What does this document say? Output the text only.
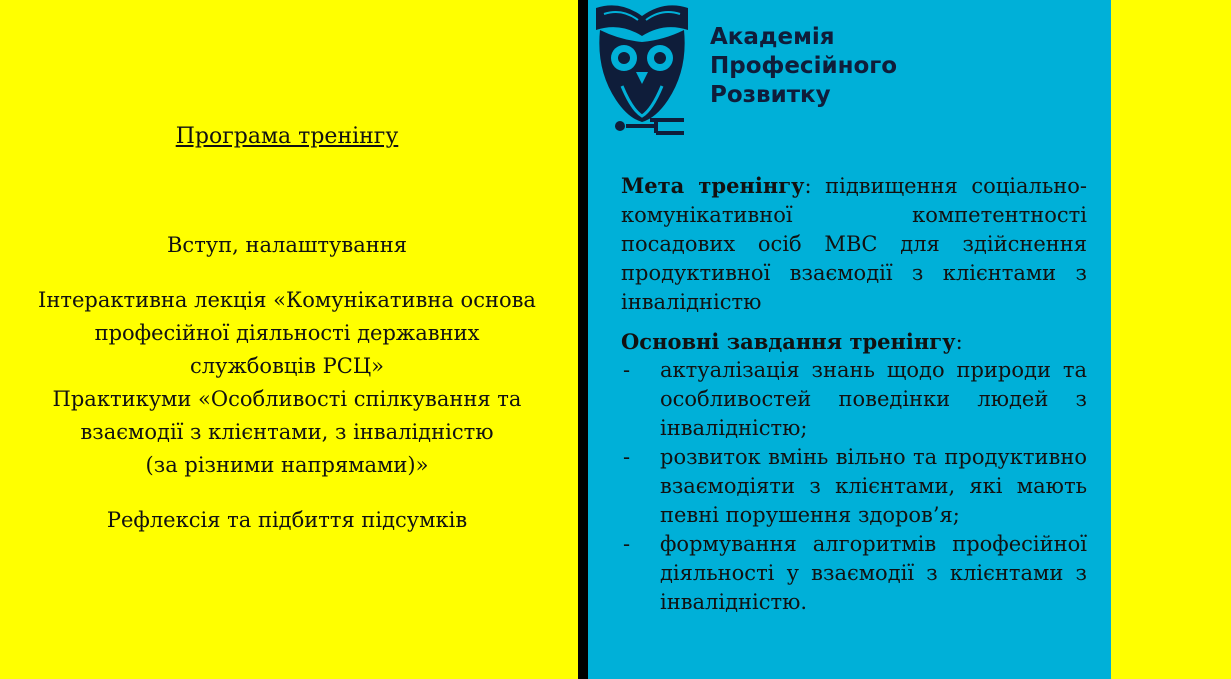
Програма тренінгу

Вступ, налаштування

Інтерактивна лекція «Комунікативна основа професійної діяльності державних службовців РСЦ»

Практикуми «Особливості спілкування та взаємодії з клієнтами, з інвалідністю

(за різними напрямами)»

Рефлексія та підбиття підсумків

Академія
Професійного
Розвитку
Мета тренінгу: підвищення соціально-комунікативної компетентності посадових осіб МВС для здійснення продуктивної взаємодії з клієнтами з інвалідністю
Основні завдання тренінгу:
- актуалізація знань щодо природи та особливостей поведінки людей з інвалідністю;
- розвиток вмінь вільно та продуктивно взаємодіяти з клієнтами, які мають певні порушення здоров’я;
- формування алгоритмів професійної діяльності у взаємодії з клієнтами з інвалідністю.
